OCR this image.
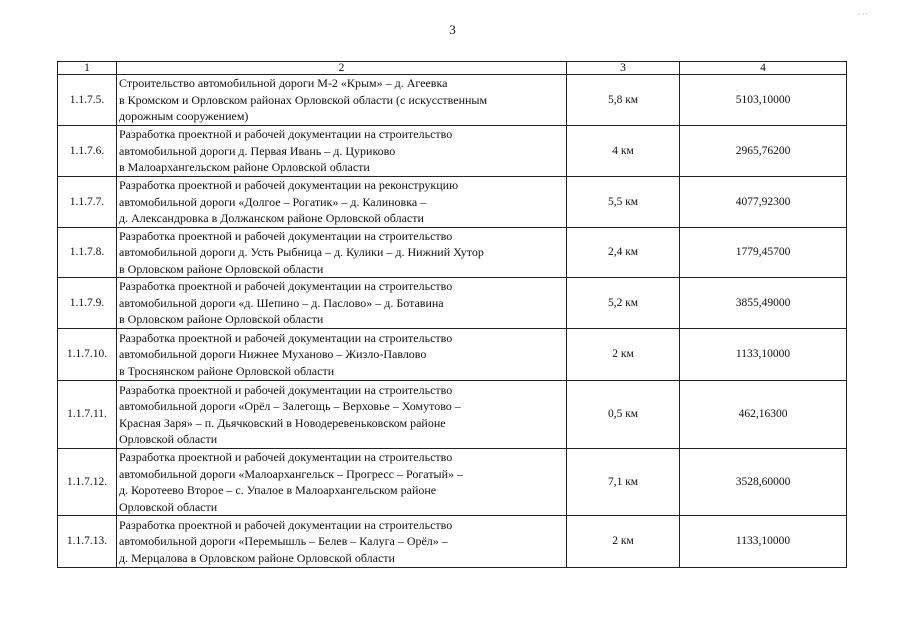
3
···
1	2	3	4
1.1.7.5.	Строительство автомобильной дороги М-2 «Крым» – д. Агеевка
в Кромском и Орловском районах Орловской области (с искусственным
дорожным сооружением)	5,8 км	5103,10000
1.1.7.6.	Разработка проектной и рабочей документации на строительство
автомобильной дороги д. Первая Ивань – д. Цуриково
в Малоархангельском районе Орловской области	4 км	2965,76200
1.1.7.7.	Разработка проектной и рабочей документации на реконструкцию
автомобильной дороги «Долгое – Рогатик» – д. Калиновка –
д. Александровка в Должанском районе Орловской области	5,5 км	4077,92300
1.1.7.8.	Разработка проектной и рабочей документации на строительство
автомобильной дороги д. Усть Рыбница – д. Кулики – д. Нижний Хутор
в Орловском районе Орловской области	2,4 км	1779,45700
1.1.7.9.	Разработка проектной и рабочей документации на строительство
автомобильной дороги «д. Шепино – д. Паслово» – д. Ботавина
в Орловском районе Орловской области	5,2 км	3855,49000
1.1.7.10.	Разработка проектной и рабочей документации на строительство
автомобильной дороги Нижнее Муханово – Жизло-Павлово
в Троснянском районе Орловской области	2 км	1133,10000
1.1.7.11.	Разработка проектной и рабочей документации на строительство
автомобильной дороги «Орёл – Залегощь – Верховье – Хомутово –
Красная Заря» – п. Дьячковский в Новодеревеньковском районе
Орловской области	0,5 км	462,16300
1.1.7.12.	Разработка проектной и рабочей документации на строительство
автомобильной дороги «Малоархангельск – Прогресс – Рогатый» –
д. Коротеево Второе – с. Упалое в Малоархангельском районе
Орловской области	7,1 км	3528,60000
1.1.7.13.	Разработка проектной и рабочей документации на строительство
автомобильной дороги «Перемышль – Белев – Калуга – Орёл» –
д. Мерцалова в Орловском районе Орловской области	2 км	1133,10000
